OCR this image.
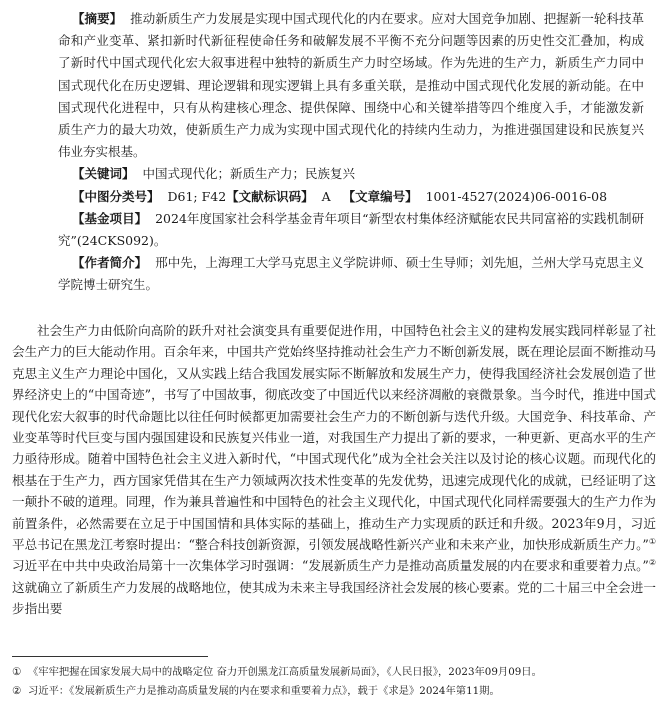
【摘要】 推动新质生产力发展是实现中国式现代化的内在要求。应对大国竞争加剧、把握新一轮科技革命和产业变革、紧扣新时代新征程使命任务和破解发展不平衡不充分问题等因素的历史性交汇叠加，构成了新时代中国式现代化宏大叙事进程中独特的新质生产力时空场域。作为先进的生产力，新质生产力同中国式现代化在历史逻辑、理论逻辑和现实逻辑上具有多重关联，是推动中国式现代化发展的新动能。在中国式现代化进程中，只有从构建核心理念、提供保障、围绕中心和关键举措等四个维度入手，才能激发新质生产力的最大功效，使新质生产力成为实现中国式现代化的持续内生动力，为推进强国建设和民族复兴伟业夯实根基。

【关键词】 中国式现代化；新质生产力；民族复兴

【中图分类号】 D61; F42【文献标识码】 A 【文章编号】 1001-4527(2024)06-0016-08

【基金项目】 2024年度国家社会科学基金青年项目“新型农村集体经济赋能农民共同富裕的实践机制研究”(24CKS092)。

【作者简介】 邢中先，上海理工大学马克思主义学院讲师、硕士生导师；刘先旭，兰州大学马克思主义学院博士研究生。

社会生产力由低阶向高阶的跃升对社会演变具有重要促进作用，中国特色社会主义的建构发展实践同样彰显了社会生产力的巨大能动作用。百余年来，中国共产党始终坚持推动社会生产力不断创新发展，既在理论层面不断推动马克思主义生产力理论中国化，又从实践上结合我国发展实际不断解放和发展生产力，使得我国经济社会发展创造了世界经济史上的“中国奇迹”，书写了中国故事，彻底改变了中国近代以来经济凋敝的衰微景象。当今时代，推进中国式现代化宏大叙事的时代命题比以往任何时候都更加需要社会生产力的不断创新与迭代升级。大国竞争、科技革命、产业变革等时代巨变与国内强国建设和民族复兴伟业一道，对我国生产力提出了新的要求，一种更新、更高水平的生产力亟待形成。随着中国特色社会主义进入新时代，“中国式现代化”成为全社会关注以及讨论的核心议题。而现代化的根基在于生产力，西方国家凭借其在生产力领域两次技术性变革的先发优势，迅速完成现代化的成就，已经证明了这一颠扑不破的道理。同理，作为兼具普遍性和中国特色的社会主义现代化，中国式现代化同样需要强大的生产力作为前置条件，必然需要在立足于中国国情和具体实际的基础上，推动生产力实现质的跃迁和升级。2023年9月，习近平总书记在黑龙江考察时提出：“整合科技创新资源，引领发展战略性新兴产业和未来产业，加快形成新质生产力。”①习近平在中共中央政治局第十一次集体学习时强调：“发展新质生产力是推动高质量发展的内在要求和重要着力点。”②这就确立了新质生产力发展的战略地位，使其成为未来主导我国经济社会发展的核心要素。党的二十届三中全会进一步指出要

① 《牢牢把握在国家发展大局中的战略定位 奋力开创黑龙江高质量发展新局面》，《人民日报》，2023年09月09日。

② 习近平：《发展新质生产力是推动高质量发展的内在要求和重要着力点》，载于《求是》2024年第11期。
